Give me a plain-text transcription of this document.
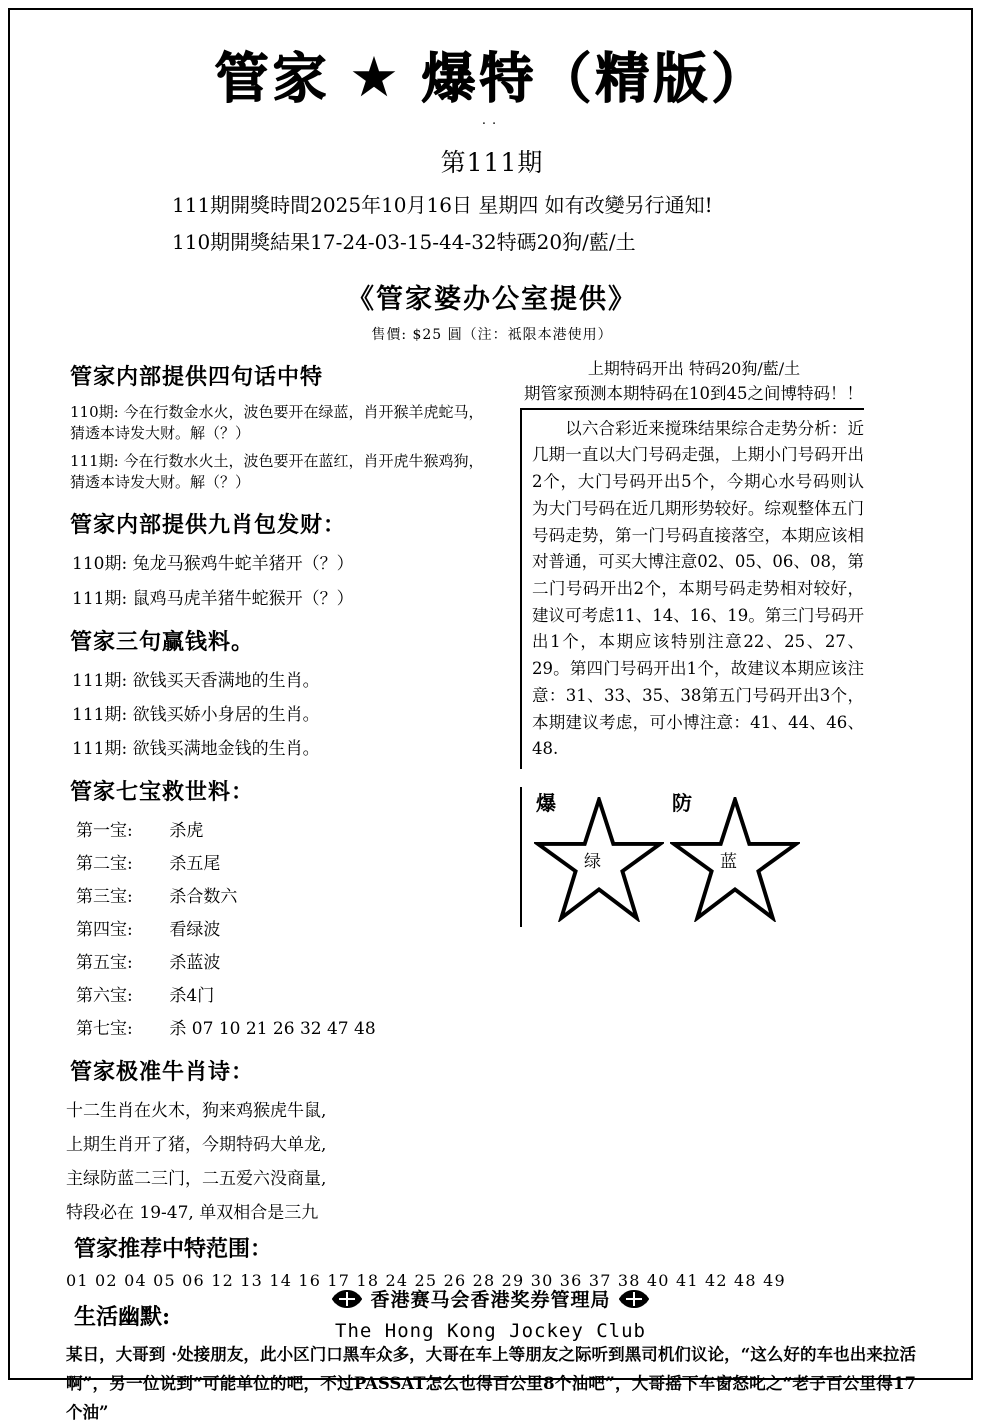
管家 ★ 爆特（精版）
··
第111期
111期開獎時間2025年10月16日 星期四 如有改變另行通知!
110期開獎結果17-24-03-15-44-32特碼20狗/藍/土
《管家婆办公室提供》
售價: $25 圓（注：祗限本港使用）
管家内部提供四句话中特
110期: 今在行数金水火，波色要开在绿蓝，肖开猴羊虎蛇马，猜透本诗发大财。解（？）
111期: 今在行数水火土，波色要开在蓝红，肖开虎牛猴鸡狗，猜透本诗发大财。解（？）
管家内部提供九肖包发财：
110期: 兔龙马猴鸡牛蛇羊猪开（？）
111期: 鼠鸡马虎羊猪牛蛇猴开（？）
管家三句赢钱料。
111期: 欲钱买天香满地的生肖。
111期: 欲钱买娇小身居的生肖。
111期: 欲钱买满地金钱的生肖。
管家七宝救世料：
第一宝: 杀虎
第二宝: 杀五尾
第三宝: 杀合数六
第四宝: 看绿波
第五宝: 杀蓝波
第六宝: 杀4门
第七宝: 杀 07 10 21 26 32 47 48
管家极准牛肖诗：
十二生肖在火木，狗来鸡猴虎牛鼠,
上期生肖开了猪，今期特码大单龙,
主绿防蓝二三门，二五爱六没商量,
特段必在 19-47, 单双相合是三九
上期特码开出 特码20狗/藍/土
期管家预测本期特码在10到45之间博特码！！
　　以六合彩近来搅珠结果综合走势分析：近几期一直以大门号码走强，上期小门号码开出2个，大门号码开出5个，今期心水号码则认为大门号码在近几期形势较好。综观整体五门号码走势，第一门号码直接落空，本期应该相对普通，可买大博注意02、05、06、08，第二门号码开出2个，本期号码走势相对较好，建议可考虑11、14、16、19。第三门号码开出1个，本期应该特别注意22、25、27、29。第四门号码开出1个，故建议本期应该注意：31、33、35、38第五门号码开出3个，本期建议考虑，可小博注意：41、44、46、48.
爆	防
绿	蓝
管家推荐中特范围：
01 02 04 05 06 12 13 14 16 17 18 24 25 26 28 29 30 36 37 38 40 41 42 48 49
生活幽默:
某日，大哥到 ·处接朋友，此小区门口黑车众多，大哥在车上等朋友之际听到黑司机们议论，“这么好的车也出来拉活啊”，另一位说到“可能单位的吧，不过PASSAT怎么也得百公里8个油吧”，大哥摇下车窗怒叱之“老子百公里得17个油”
香港赛马会香港奖券管理局
The Hong Kong Jockey Club
